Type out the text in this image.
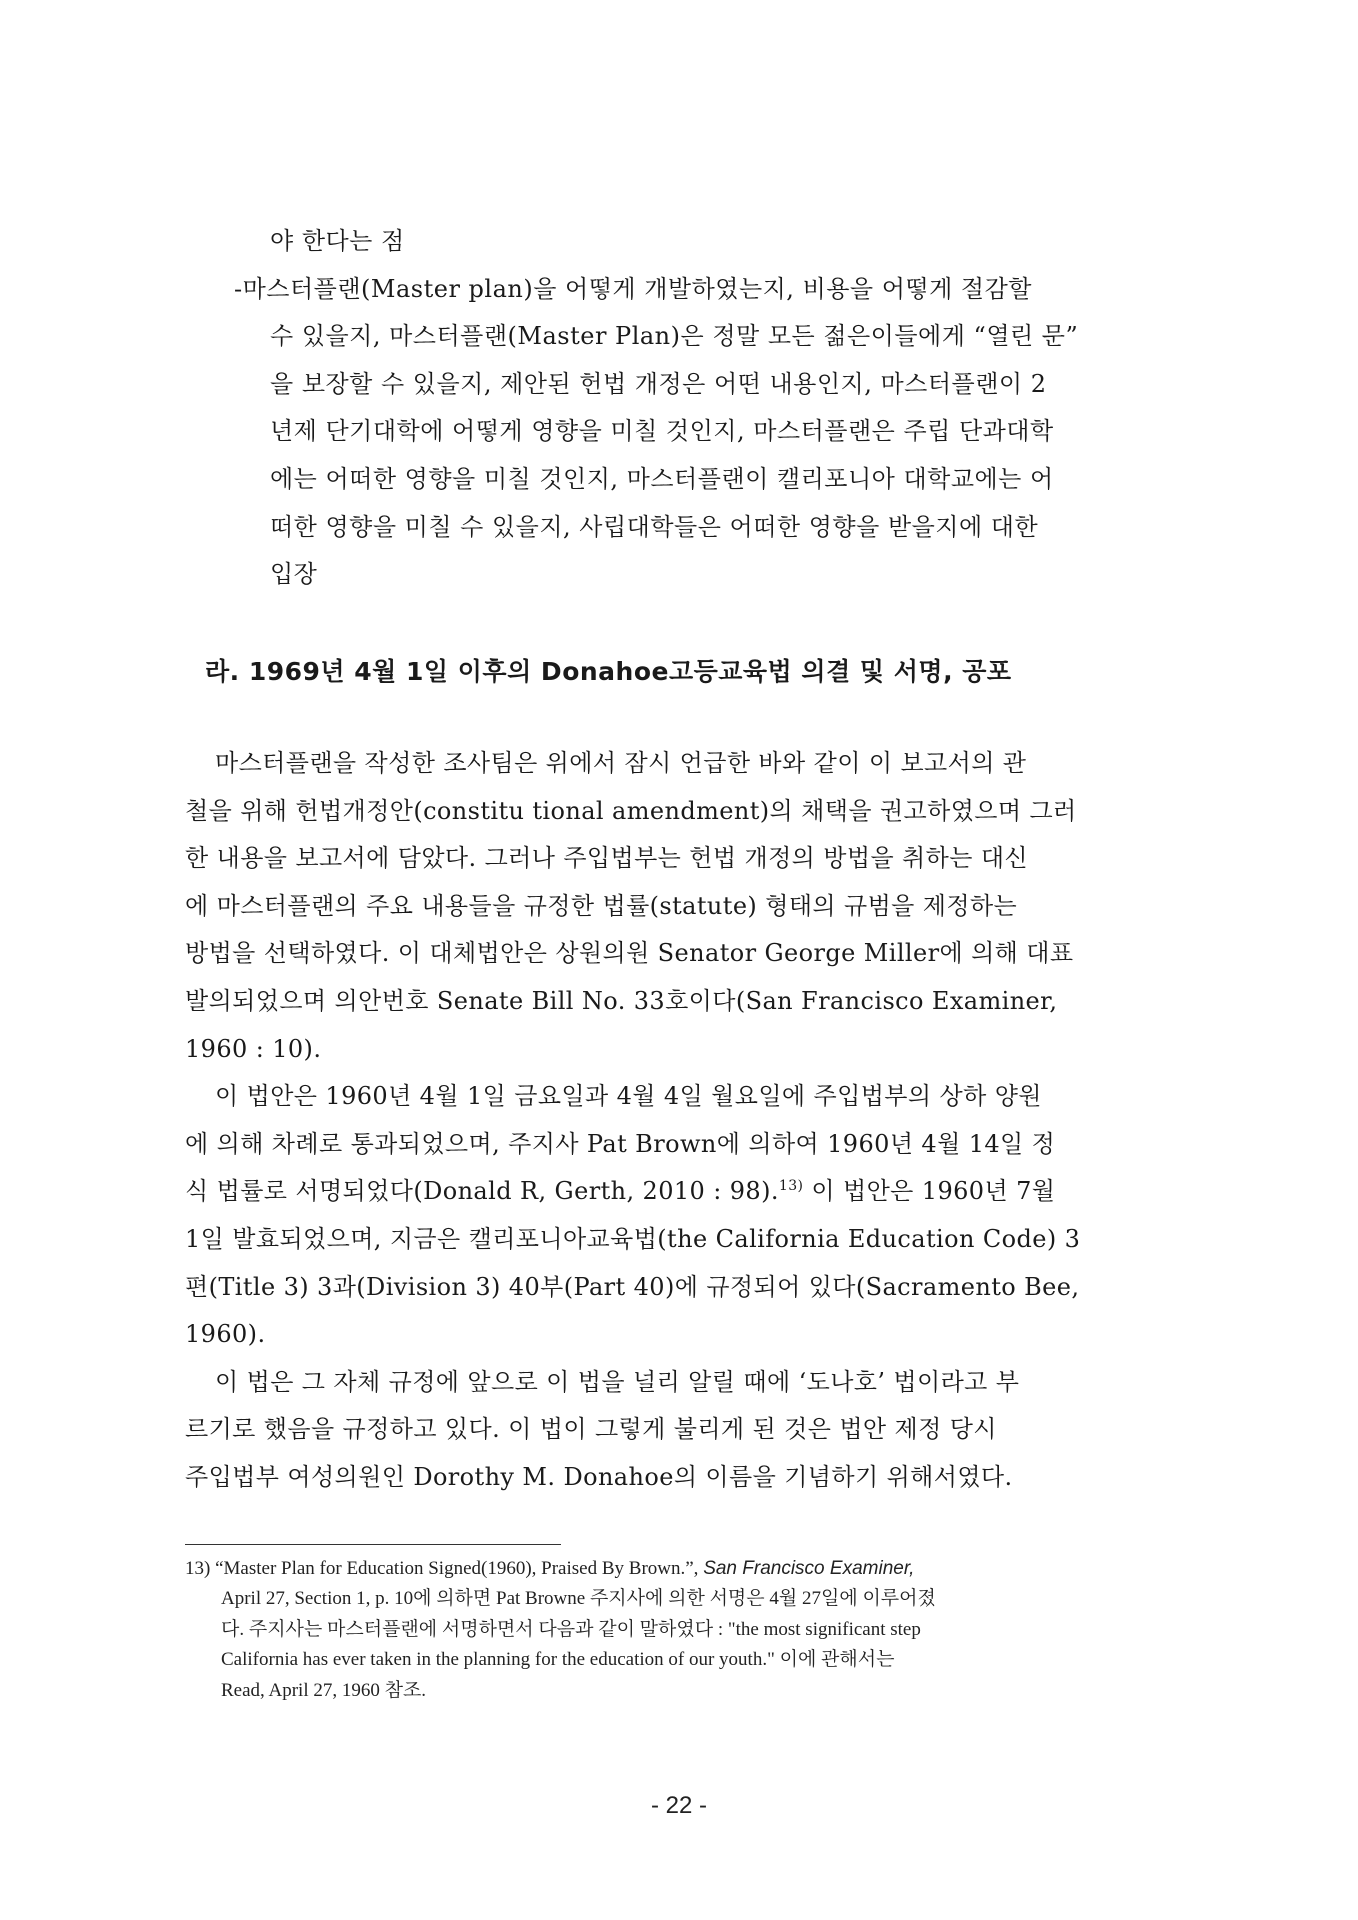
야 한다는 점
-마스터플랜(Master plan)을 어떻게 개발하였는지, 비용을 어떻게 절감할
수 있을지, 마스터플랜(Master Plan)은 정말 모든 젊은이들에게 “열린 문”
을 보장할 수 있을지, 제안된 헌법 개정은 어떤 내용인지, 마스터플랜이 2
년제 단기대학에 어떻게 영향을 미칠 것인지, 마스터플랜은 주립 단과대학
에는 어떠한 영향을 미칠 것인지, 마스터플랜이 캘리포니아 대학교에는 어
떠한 영향을 미칠 수 있을지, 사립대학들은 어떠한 영향을 받을지에 대한
입장
라. 1969년 4월 1일 이후의 Donahoe고등교육법 의결 및 서명, 공포
마스터플랜을 작성한 조사팀은 위에서 잠시 언급한 바와 같이 이 보고서의 관
철을 위해 헌법개정안(constitu tional amendment)의 채택을 권고하였으며 그러
한 내용을 보고서에 담았다. 그러나 주입법부는 헌법 개정의 방법을 취하는 대신
에 마스터플랜의 주요 내용들을 규정한 법률(statute) 형태의 규범을 제정하는
방법을 선택하였다. 이 대체법안은 상원의원 Senator George Miller에 의해 대표
발의되었으며 의안번호 Senate Bill No. 33호이다(San Francisco Examiner,
1960 : 10).
이 법안은 1960년 4월 1일 금요일과 4월 4일 월요일에 주입법부의 상하 양원
에 의해 차례로 통과되었으며, 주지사 Pat Brown에 의하여 1960년 4월 14일 정
식 법률로 서명되었다(Donald R, Gerth, 2010 : 98).$^{13)}$ 이 법안은 1960년 7월
1일 발효되었으며, 지금은 캘리포니아교육법(the California Education Code) 3
편(Title 3) 3과(Division 3) 40부(Part 40)에 규정되어 있다(Sacramento Bee,
1960).
이 법은 그 자체 규정에 앞으로 이 법을 널리 알릴 때에 ‘도나호’ 법이라고 부
르기로 했음을 규정하고 있다. 이 법이 그렇게 불리게 된 것은 법안 제정 당시
주입법부 여성의원인 Dorothy M. Donahoe의 이름을 기념하기 위해서였다.
13) “Master Plan for Education Signed(1960), Praised By Brown.”, San Francisco Examiner,
April 27, Section 1, p. 10에 의하면 Pat Browne 주지사에 의한 서명은 4월 27일에 이루어졌
다. 주지사는 마스터플랜에 서명하면서 다음과 같이 말하였다 : "the most significant step
California has ever taken in the planning for the education of our youth." 이에 관해서는
Read, April 27, 1960 참조.
- 22 -
